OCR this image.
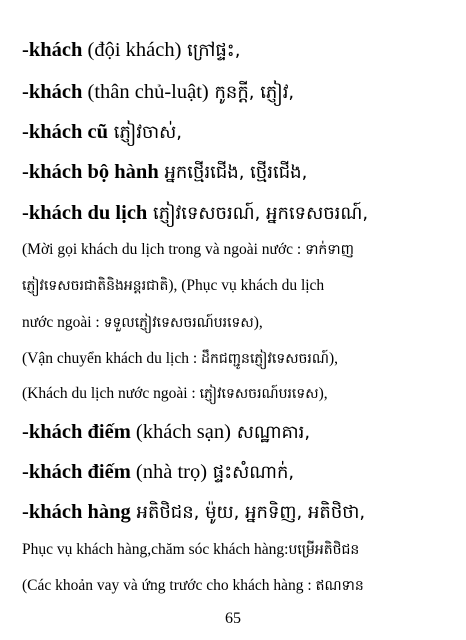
-khách (đội khách) ក្រៅផ្ទះ,
-khách (thân chủ-luật) កូនក្តី, ភ្ញៀវ,
-khách cũ ភ្ញៀវចាស់,
-khách bộ hành អ្នកថ្មើរជើង, ថ្មើរជើង,
-khách du lịch ភ្ញៀវទេសចរណ៍, អ្នកទេសចរណ៍,
(Mời gọi khách du lịch trong và ngoài nước : ទាក់ទាញ
ភ្ញៀវទេសចរជាតិនិងអន្តរជាតិ), (Phục vụ khách du lịch
nước ngoài : ទទួលភ្ញៀវទេសចរណ៍បរទេស),
(Vận chuyển khách du lịch : ដឹកជញ្ជូនភ្ញៀវទេសចរណ៍),
(Khách du lịch nước ngoài : ភ្ញៀវទេសចរណ៍បរទេស),
-khách điếm (khách sạn) សណ្ឋាគារ,
-khách điếm (nhà trọ) ផ្ទះសំណាក់,
-khách hàng អតិថិជន, ម៉ូយ, អ្នកទិញ, អតិថិថា,
Phục vụ khách hàng,chăm sóc khách hàng:បម្រើអតិថិជន
(Các khoản vay và ứng trước cho khách hàng : ឥណទាន
65
